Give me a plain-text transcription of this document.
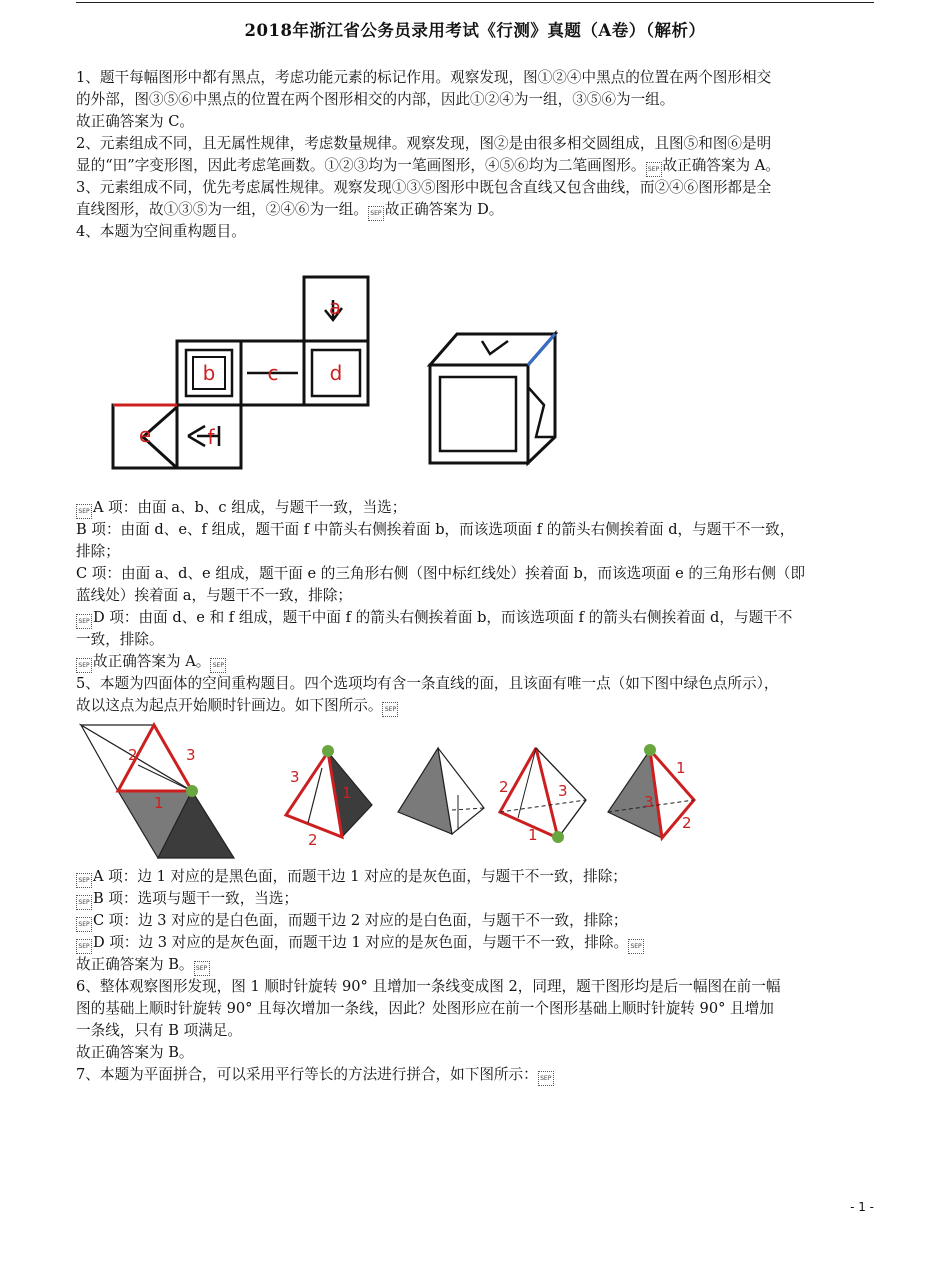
2018年浙江省公务员录用考试《行测》真题（A卷）（解析）

1、题干每幅图形中都有黑点，考虑功能元素的标记作用。观察发现，图①②④中黑点的位置在两个图形相交

的外部，图③⑤⑥中黑点的位置在两个图形相交的内部，因此①②④为一组，③⑤⑥为一组。

故正确答案为 C。

2、元素组成不同，且无属性规律，考虑数量规律。观察发现，图②是由很多相交圆组成，且图⑤和图⑥是明

显的“田”字变形图，因此考虑笔画数。①②③均为一笔画图形，④⑤⑥均为二笔画图形。 SEP 故正确答案为 A。

3、元素组成不同，优先考虑属性规律。观察发现①③⑤图形中既包含直线又包含曲线，而②④⑥图形都是全

直线图形，故①③⑤为一组，②④⑥为一组。 SEP 故正确答案为 D。

4、本题为空间重构题目。

a
b	c	d
e	f

SEP A 项：由面 a、b、c 组成，与题干一致，当选；

B 项：由面 d、e、f 组成，题干面 f 中箭头右侧挨着面 b，而该选项面 f 的箭头右侧挨着面 d，与题干不一致，

排除；

C 项：由面 a、d、e 组成，题干面 e 的三角形右侧（图中标红线处）挨着面 b，而该选项面 e 的三角形右侧（即

蓝线处）挨着面 a，与题干不一致，排除；

SEP D 项：由面 d、e 和 f 组成，题干中面 f 的箭头右侧挨着面 b，而该选项面 f 的箭头右侧挨着面 d，与题干不

一致，排除。

SEP 故正确答案为 A。 SEP

5、本题为四面体的空间重构题目。四个选项均有含一条直线的面，且该面有唯一点（如下图中绿色点所示），

故以这点为起点开始顺时针画边。如下图所示。 SEP

2	3
1
3
1
2
2	3
1
1
2
3

SEP A 项：边 1 对应的是黑色面，而题干边 1 对应的是灰色面，与题干不一致，排除；

SEP B 项：选项与题干一致，当选；

SEP C 项：边 3 对应的是白色面，而题干边 2 对应的是白色面，与题干不一致，排除；

SEP D 项：边 3 对应的是灰色面，而题干边 1 对应的是灰色面，与题干不一致，排除。 SEP

故正确答案为 B。 SEP

6、整体观察图形发现，图 1 顺时针旋转 90° 且增加一条线变成图 2，同理，题干图形均是后一幅图在前一幅

图的基础上顺时针旋转 90° 且每次增加一条线，因此？处图形应在前一个图形基础上顺时针旋转 90° 且增加

一条线，只有 B 项满足。

故正确答案为 B。

7、本题为平面拼合，可以采用平行等长的方法进行拼合，如下图所示： SEP

- 1 -
